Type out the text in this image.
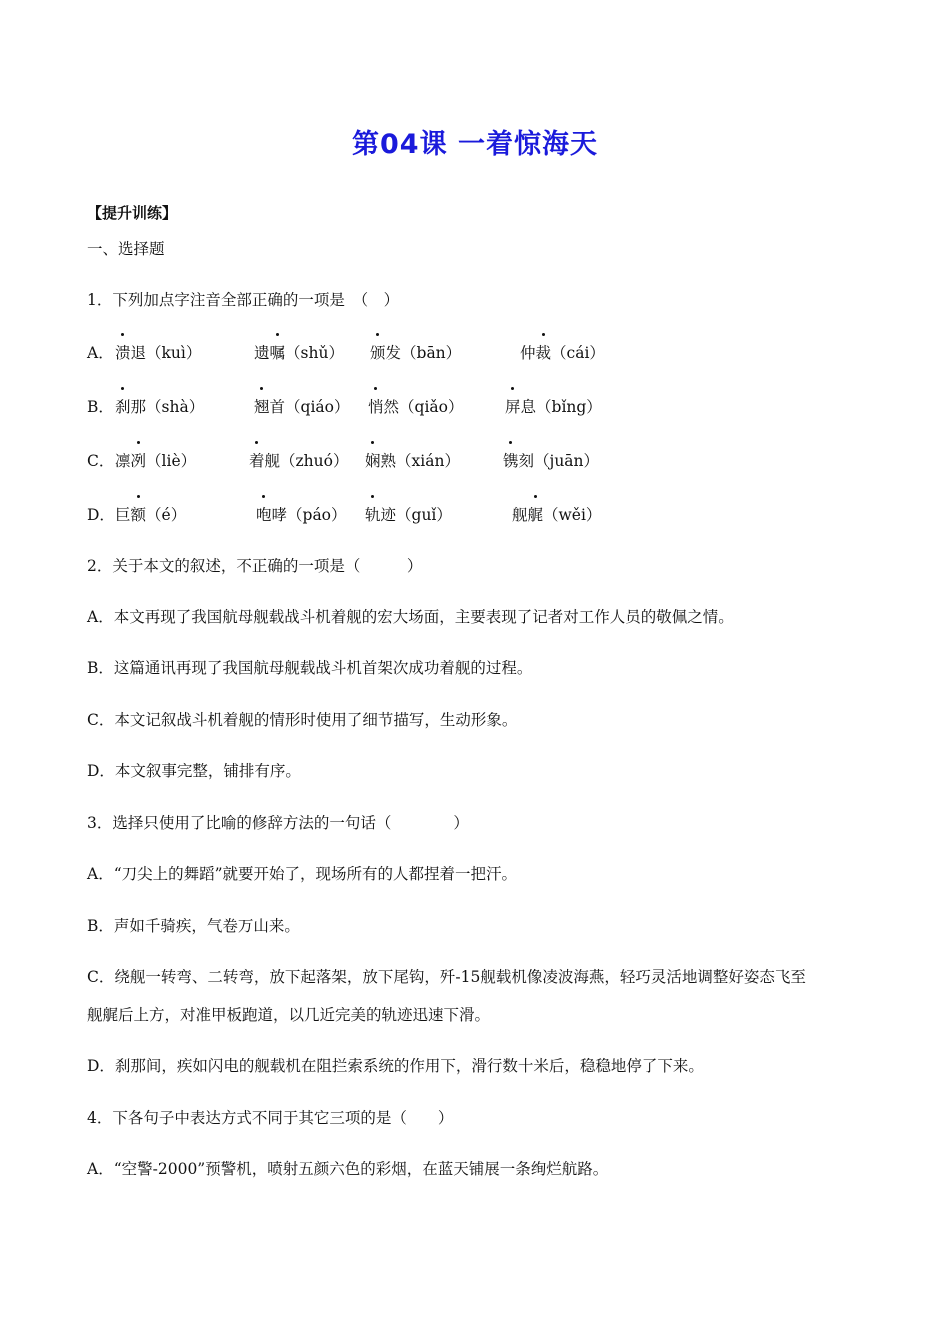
第04课 一着惊海天
【提升训练】
一、选择题
1．下列加点字注音全部正确的一项是　（　）
A． 溃退（kuì）	遗嘱（shǔ） 颁发（bān）	仲裁（cái）
B． 刹那（shà）	翘首（qiáo） 悄然（qiǎo）	屏息（bǐng）
C． 凛冽（liè）	着舰（zhuó） 娴熟（xián）	镌刻（juān）
D． 巨额（é）	咆哮（páo） 轨迹（guǐ）	舰艉（wěi）
2．关于本文的叙述，不正确的一项是（　　　）
A．本文再现了我国航母舰载战斗机着舰的宏大场面，主要表现了记者对工作人员的敬佩之情。
B．这篇通讯再现了我国航母舰载战斗机首架次成功着舰的过程。
C．本文记叙战斗机着舰的情形时使用了细节描写，生动形象。
D．本文叙事完整，铺排有序。
3．选择只使用了比喻的修辞方法的一句话（　　　　）
A．“刀尖上的舞蹈”就要开始了，现场所有的人都捏着一把汗。
B．声如千骑疾，气卷万山来。
C．绕舰一转弯、二转弯，放下起落架，放下尾钩，歼-15舰载机像凌波海燕，轻巧灵活地调整好姿态飞至
舰艉后上方，对准甲板跑道，以几近完美的轨迹迅速下滑。
D．刹那间，疾如闪电的舰载机在阻拦索系统的作用下，滑行数十米后，稳稳地停了下来。
4．下各句子中表达方式不同于其它三项的是（　　）
A．“空警-2000”预警机，喷射五颜六色的彩烟，在蓝天铺展一条绚烂航路。
